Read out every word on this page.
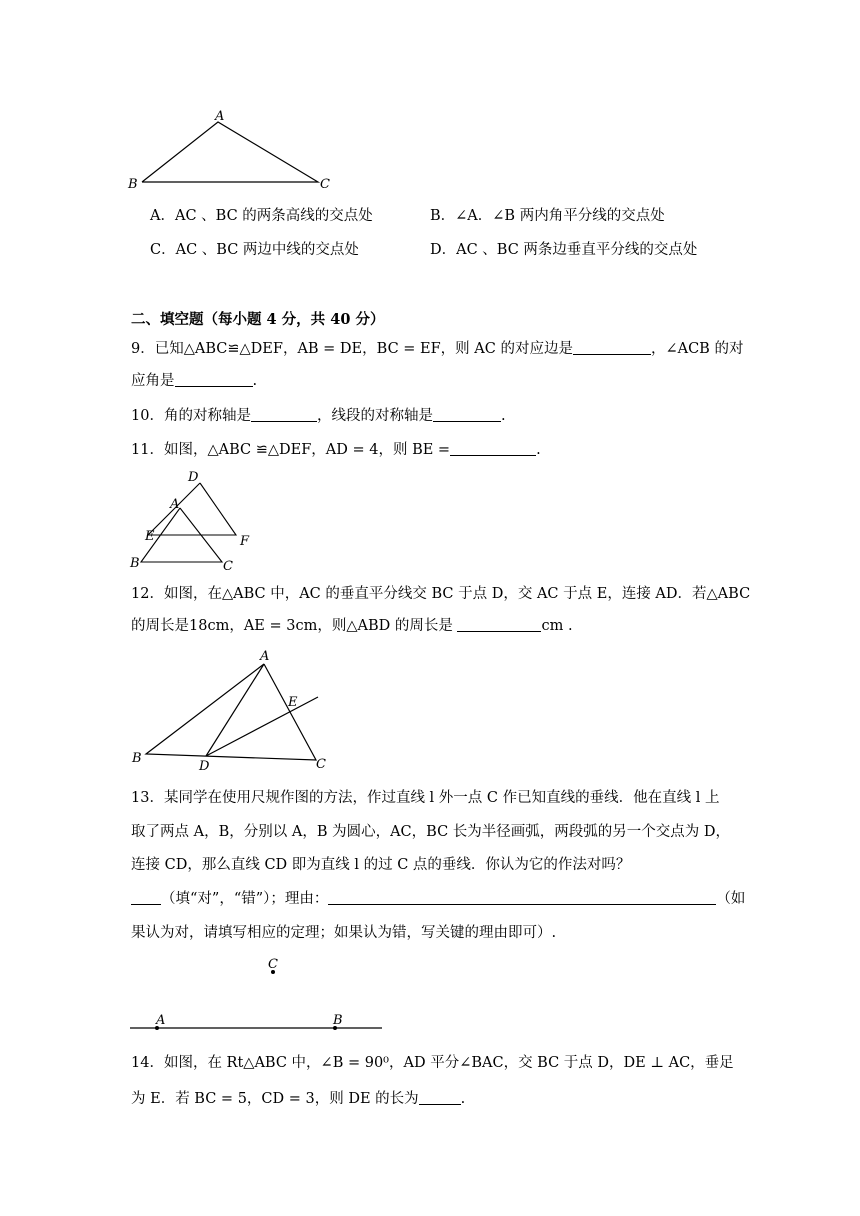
A
B	C
A．AC 、BC 的两条高线的交点处	B．∠A．∠B 两内角平分线的交点处
C．AC 、BC 两边中线的交点处	D．AC 、BC 两条边垂直平分线的交点处
二、填空题（每小题 4 分，共 40 分）
9．已知△ABC≌△DEF，AB = DE，BC = EF，则 AC 的对应边是	，∠ACB 的对
应角是	.
10．角的对称轴是	，线段的对称轴是	.
11．如图，△ABC ≌△DEF，AD = 4，则 BE =	.
D
A
E	F
B	C
12．如图，在△ABC 中，AC 的垂直平分线交 BC 于点 D，交 AC 于点 E，连接 AD．若△ABC
的周长是18cm，AE = 3cm，则△ABD 的周长是	cm .
A
E
B
D	C
13．某同学在使用尺规作图的方法，作过直线 l 外一点 C 作已知直线的垂线．他在直线 l 上
取了两点 A，B，分别以 A，B 为圆心，AC，BC 长为半径画弧，两段弧的另一个交点为 D，
连接 CD，那么直线 CD 即为直线 l 的过 C 点的垂线．你认为它的作法对吗？
（填“对”，“错”）；理由：	（如
果认为对，请填写相应的定理；如果认为错，写关键的理由即可）.
C
A	B
14．如图，在 Rt△ABC 中，∠B = 90⁰，AD 平分∠BAC，交 BC 于点 D，DE ⊥ AC，垂足
为 E．若 BC = 5，CD = 3，则 DE 的长为	.
